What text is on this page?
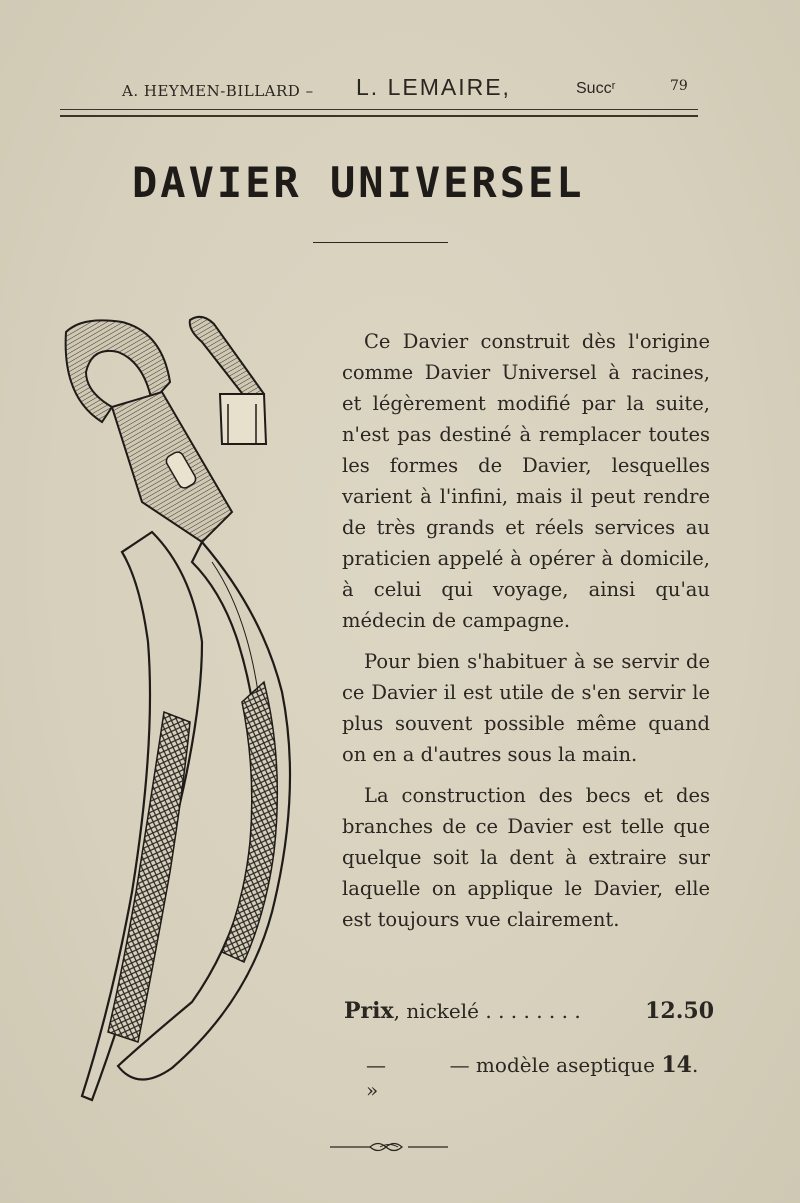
A. HEYMEN-BILLARD – L. LEMAIRE,	Succʳ	79
DAVIER UNIVERSEL

Ce Davier construit dès l'origine comme Davier Universel à racines, et légèrement modifié par la suite, n'est pas destiné à remplacer toutes les formes de Davier, lesquelles varient à l'infini, mais il peut rendre de très grands et réels services au praticien appelé à opérer à domicile, à celui qui voyage, ainsi qu'au médecin de campagne.

Pour bien s'habituer à se servir de ce Davier il est utile de s'en servir le plus souvent possible même quand on en a d'autres sous la main.

La construction des becs et des branches de ce Davier est telle que quelque soit la dent à extraire sur laquelle on applique le Davier, elle est toujours vue clairement.

Prix, nickelé . . . . . . . .	12.50
—	— modèle aseptique 14. »
